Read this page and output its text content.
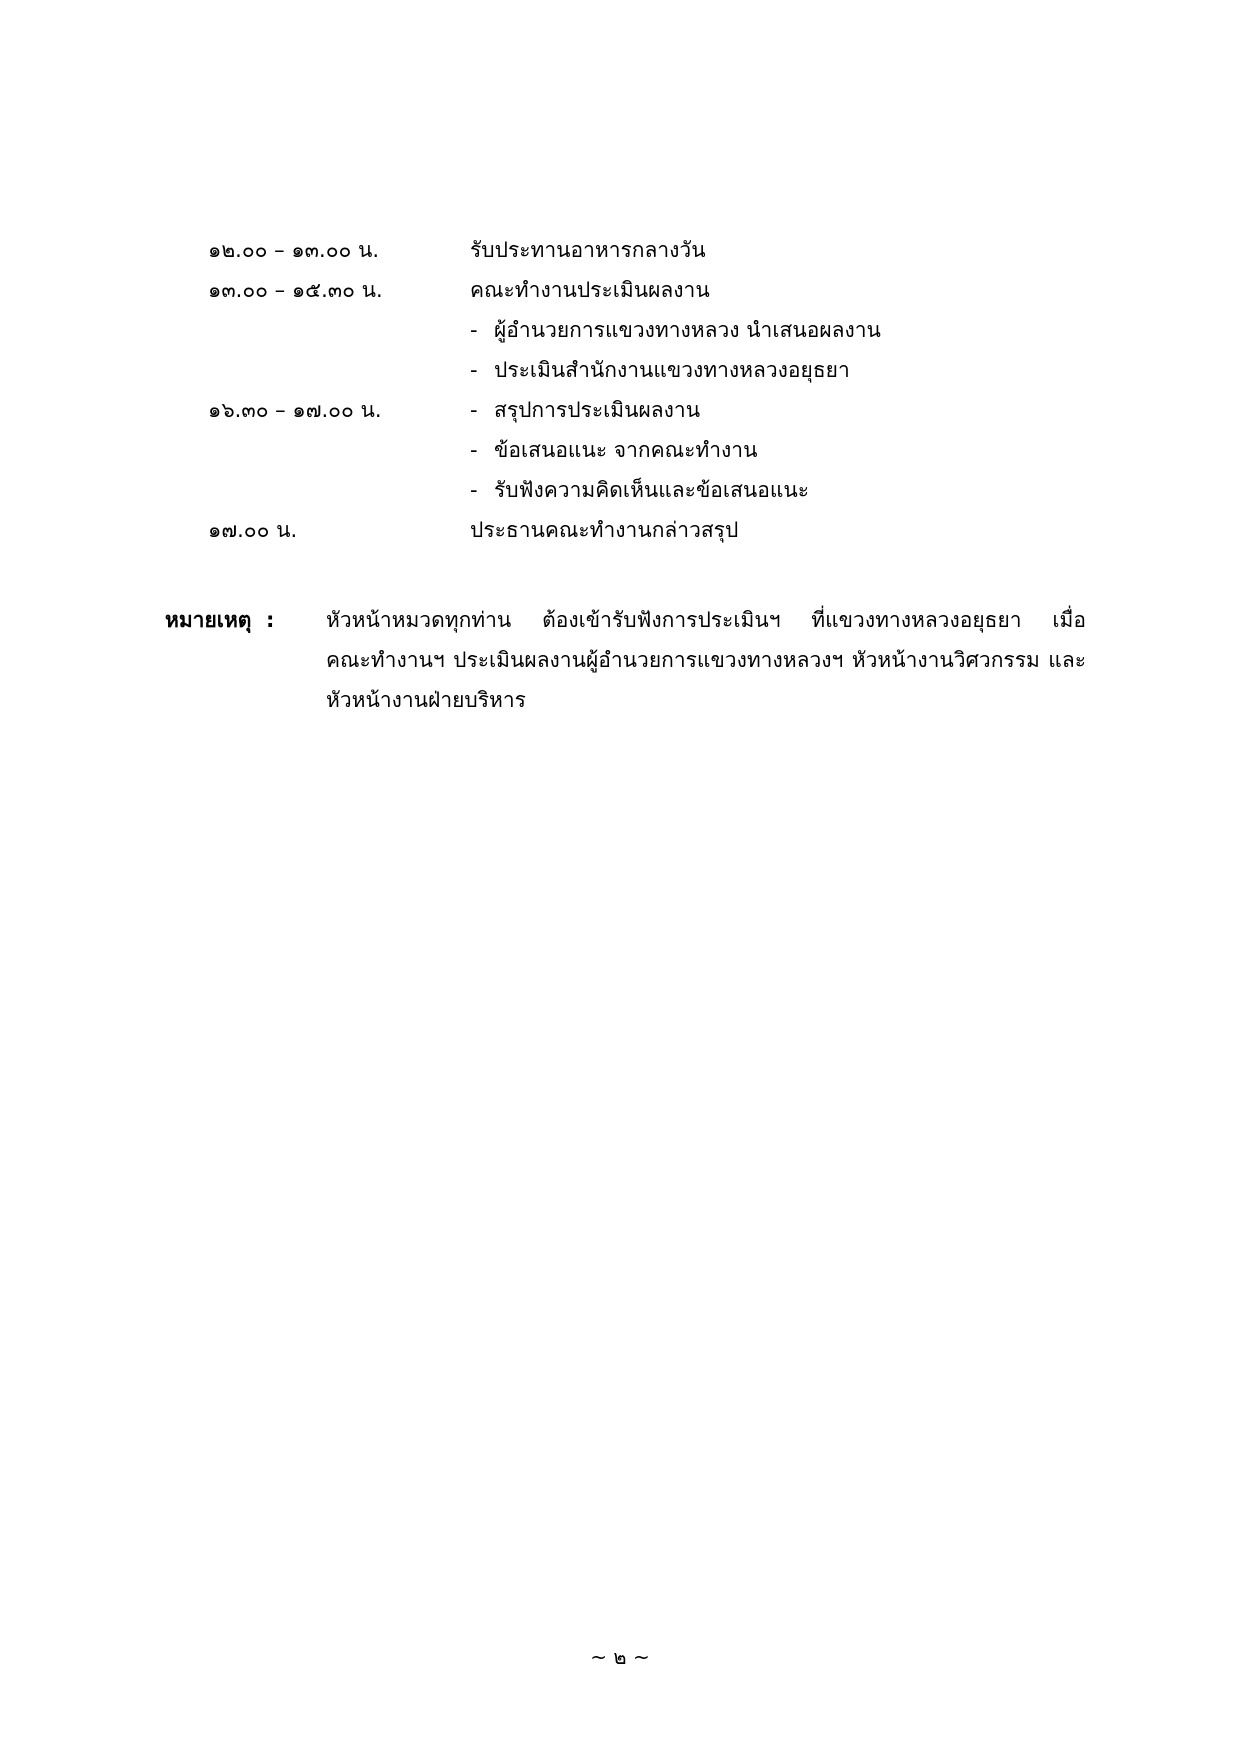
๑๒.๐๐ – ๑๓.๐๐ น.	รับประทานอาหารกลางวัน
๑๓.๐๐ – ๑๕.๓๐ น.	คณะทำงานประเมินผลงาน
- ผู้อำนวยการแขวงทางหลวง นำเสนอผลงาน
- ประเมินสำนักงานแขวงทางหลวงอยุธยา
๑๖.๓๐ – ๑๗.๐๐ น.	- สรุปการประเมินผลงาน
- ข้อเสนอแนะ จากคณะทำงาน
- รับฟังความคิดเห็นและข้อเสนอแนะ
๑๗.๐๐ น.	ประธานคณะทำงานกล่าวสรุป
หมายเหตุ : หัวหน้าหมวดทุกท่าน ต้องเข้ารับฟังการประเมินฯ ที่แขวงทางหลวงอยุธยา เมื่อ
คณะทำงานฯ ประเมินผลงานผู้อำนวยการแขวงทางหลวงฯ หัวหน้างานวิศวกรรม และ
หัวหน้างานฝ่ายบริหาร
~ ๒ ~
